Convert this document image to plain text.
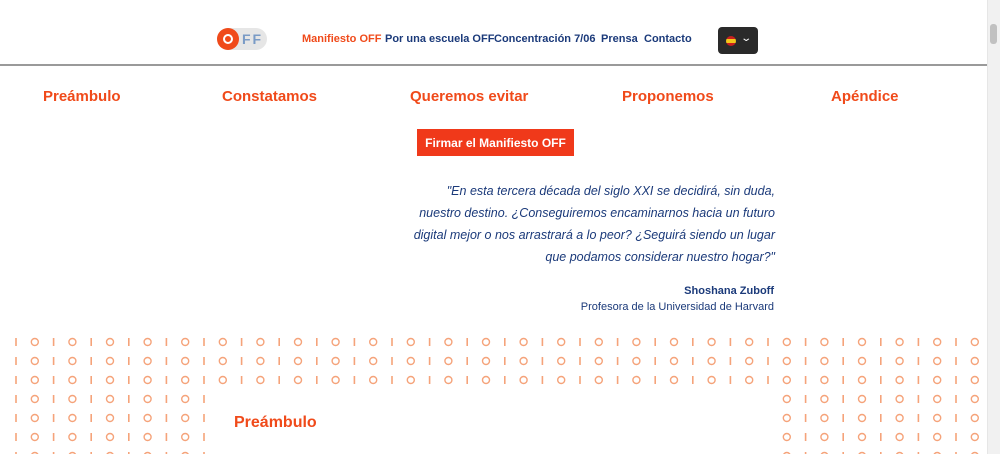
FF	Manifiesto OFF Por una escuela OFF Concentración 7/06 Prensa Contacto	⌄
Preámbulo	Constatamos	Queremos evitar	Proponemos	Apéndice
Firmar el Manifiesto OFF
"En esta tercera década del siglo XXI se decidirá, sin duda,
nuestro destino. ¿Conseguiremos encaminarnos hacia un futuro
digital mejor o nos arrastrará a lo peor? ¿Seguirá siendo un lugar
que podamos considerar nuestro hogar?"
Shoshana Zuboff
Profesora de la Universidad de Harvard
Preámbulo
